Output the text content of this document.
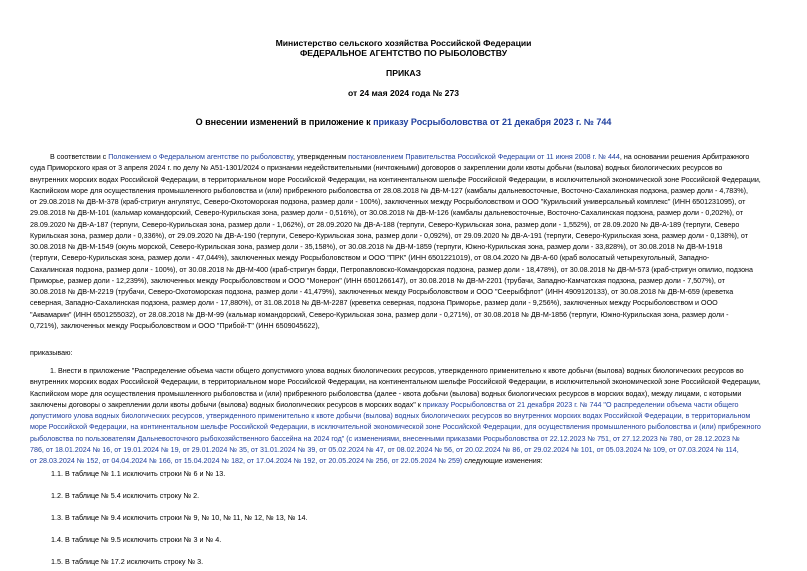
Министерство сельского хозяйства Российской Федерации
ФЕДЕРАЛЬНОЕ АГЕНТСТВО ПО РЫБОЛОВСТВУ
ПРИКАЗ
от 24 мая 2024 года № 273
О внесении изменений в приложение к приказу Росрыболовства от 21 декабря 2023 г. № 744
В соответствии с Положением о Федеральном агентстве по рыболовству, утвержденным постановлением Правительства Российской Федерации от 11 июня 2008 г. № 444, на основании решения Арбитражного
суда Приморского края от 3 апреля 2024 г. по делу № А51-1301/2024 о признании недействительными (ничтожными) договоров о закреплении доли квоты добычи (вылова) водных биологических ресурсов во
внутренних морских водах Российской Федерации, в территориальном море Российской Федерации, на континентальном шельфе Российской Федерации, в исключительной экономической зоне Российской Федерации,
Каспийском море для осуществления промышленного рыболовства и (или) прибрежного рыболовства от 28.08.2018 № ДВ-М-127 (камбалы дальневосточные, Восточно-Сахалинская подзона, размер доли - 4,783%),
от 29.08.2018 № ДВ-М-378 (краб-стригун ангулятус, Северо-Охотоморская подзона, размер доли - 100%), заключенных между Росрыболовством и ООО "Курильский универсальный комплекс" (ИНН 6501231095), от
29.08.2018 № ДВ-М-101 (кальмар командорский, Северо-Курильская зона, размер доли - 0,516%), от 30.08.2018 № ДВ-М-126 (камбалы дальневосточные, Восточно-Сахалинская подзона, размер доли - 0,202%), от
28.09.2020 № ДВ-А-187 (терпуги, Северо-Курильская зона, размер доли - 1,062%), от 28.09.2020 № ДВ-А-188 (терпуги, Северо-Курильская зона, размер доли - 1,552%), от 28.09.2020 № ДВ-А-189 (терпуги, Северо
Курильская зона, размер доли - 0,336%), от 29.09.2020 № ДВ-А-190 (терпуги, Северо-Курильская зона, размер доли - 0,092%), от 29.09.2020 № ДВ-А-191 (терпуги, Северо-Курильская зона, размер доли - 0,138%), от
30.08.2018 № ДВ-М-1549 (окунь морской, Северо-Курильская зона, размер доли - 35,158%), от 30.08.2018 № ДВ-М-1859 (терпуги, Южно-Курильская зона, размер доли - 33,828%), от 30.08.2018 № ДВ-М-1918
(терпуги, Северо-Курильская зона, размер доли - 47,044%), заключенных между Росрыболовством и ООО "ПРК" (ИНН 6501221019), от 08.04.2020 № ДВ-А-60 (краб волосатый четырехугольный, Западно-
Сахалинская подзона, размер доли - 100%), от 30.08.2018 № ДВ-М-400 (краб-стригун бэрди, Петропавловско-Командорская подзона, размер доли - 18,478%), от 30.08.2018 № ДВ-М-573 (краб-стригун опилио, подзона
Приморье, размер доли - 12,239%), заключенных между Росрыболовством и ООО "Монерон" (ИНН 6501266147), от 30.08.2018 № ДВ-М-2201 (трубачи, Западно-Камчатская подзона, размер доли - 7,507%), от
30.08.2018 № ДВ-М-2219 (трубачи, Северо-Охотоморская подзона, размер доли - 41,479%), заключенных между Росрыболовством и ООО "Сеерыбфлот" (ИНН 4909120133), от 30.08.2018 № ДВ-М-659 (креветка
северная, Западно-Сахалинская подзона, размер доли - 17,880%), от 31.08.2018 № ДВ-М-2287 (креветка северная, подзона Приморье, размер доли - 9,256%), заключенных между Росрыболовством и ООО
"Аквамарин" (ИНН 6501255032), от 28.08.2018 № ДВ-М-99 (кальмар командорский, Северо-Курильская зона, размер доли - 0,271%), от 30.08.2018 № ДВ-М-1856 (терпуги, Южно-Курильская зона, размер доли -
0,721%), заключенных между Росрыболовством и ООО "Прибой-Т" (ИНН 6509045622),
приказываю:
1. Внести в приложение "Распределение объема части общего допустимого улова водных биологических ресурсов, утвержденного применительно к квоте добычи (вылова) водных биологических ресурсов во
внутренних морских водах Российской Федерации, в территориальном море Российской Федерации, на континентальном шельфе Российской Федерации, в исключительной экономической зоне Российской Федерации,
Каспийском море для осуществления промышленного рыболовства и (или) прибрежного рыболовства (далее - квота добычи (вылова) водных биологических ресурсов в морских водах), между лицами, с которыми
заключены договоры о закреплении доли квоты добычи (вылова) водных биологических ресурсов в морских водах" к приказу Росрыболовства от 21 декабря 2023 г. № 744 "О распределении объема части общего
допустимого улова водных биологических ресурсов, утвержденного применительно к квоте добычи (вылова) водных биологических ресурсов во внутренних морских водах Российской Федерации, в территориальном
море Российской Федерации, на континентальном шельфе Российской Федерации, в исключительной экономической зоне Российской Федерации, для осуществления промышленного рыболовства и (или) прибрежного
рыболовства по пользователям Дальневосточного рыбохозяйственного бассейна на 2024 год" (с изменениями, внесенными приказами Росрыболовства от 22.12.2023 № 751, от 27.12.2023 № 780, от 28.12.2023 №
786, от 18.01.2024 № 16, от 19.01.2024 № 19, от 29.01.2024 № 35, от 31.01.2024 № 39, от 05.02.2024 № 47, от 08.02.2024 № 56, от 20.02.2024 № 86, от 29.02.2024 № 101, от 05.03.2024 № 109, от 07.03.2024 № 114,
от 28.03.2024 № 152, от 04.04.2024 № 166, от 15.04.2024 № 182, от 17.04.2024 № 192, от 20.05.2024 № 256, от 22.05.2024 № 259) следующие изменения:
1.1. В таблице № 1.1 исключить строки № 6 и № 13.
1.2. В таблице № 5.4 исключить строку № 2.
1.3. В таблице № 9.4 исключить строки № 9, № 10, № 11, № 12, № 13, № 14.
1.4. В таблице № 9.5 исключить строки № 3 и № 4.
1.5. В таблице № 17.2 исключить строку № 3.
